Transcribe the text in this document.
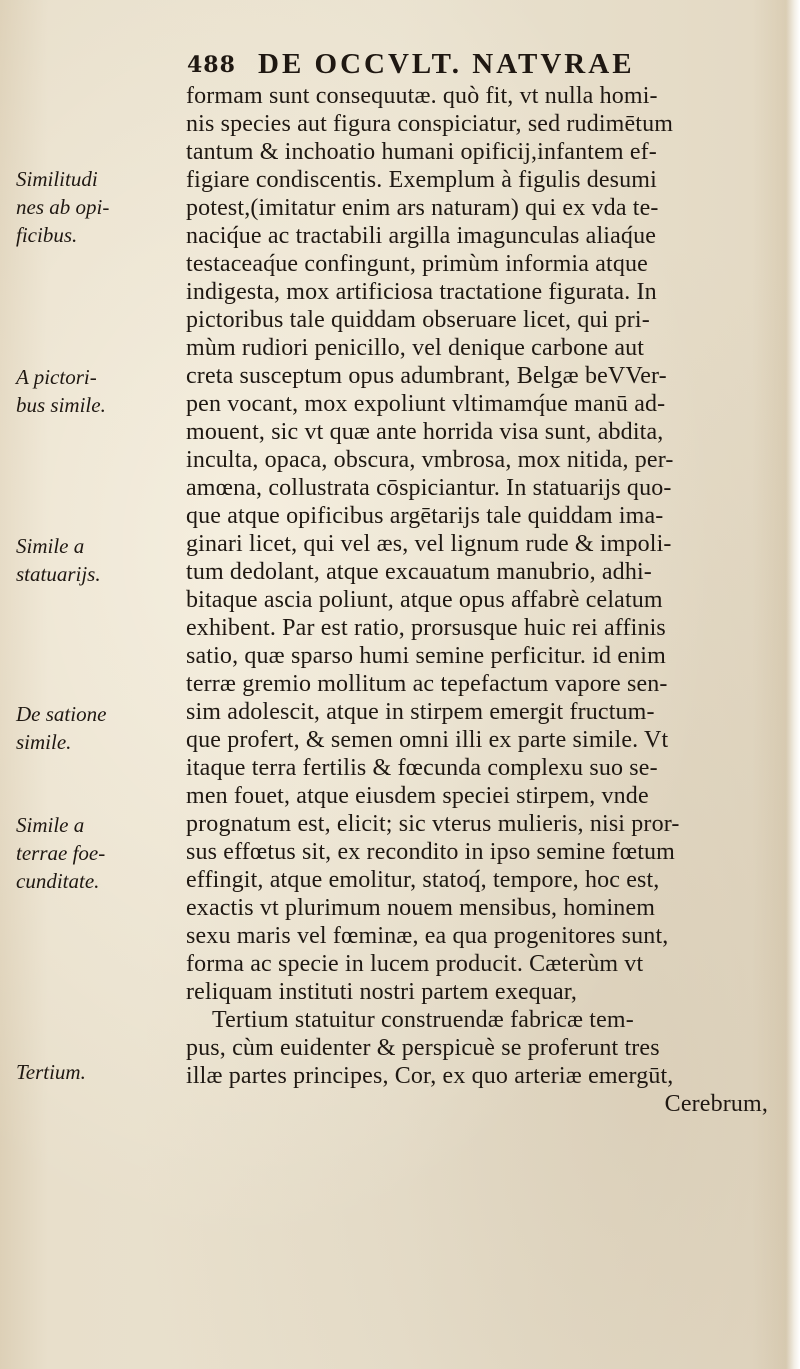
488 DE OCCVLT. NATVRAE
Similitudi
nes ab opi-
ficibus.
A pictori-
bus simile.
Simile a
statuarijs.
De satione
simile.
Simile a
terrae foe-
cunditate.
Tertium.
formam sunt consequutæ. quò fit, vt nulla homi-
nis species aut figura conspiciatur, sed rudimētum
tantum & inchoatio humani opificij,infantem ef-
figiare condiscentis. Exemplum à figulis desumi
potest,(imitatur enim ars naturam) qui ex vda te-
naciq́ue ac tractabili argilla imagunculas aliaq́ue
testaceaq́ue confingunt, primùm informia atque
indigesta, mox artificiosa tractatione figurata. In
pictoribus tale quiddam obseruare licet, qui pri-
mùm rudiori penicillo, vel denique carbone aut
creta susceptum opus adumbrant, Belgæ beVVer-
pen vocant, mox expoliunt vltimamq́ue manū ad-
mouent, sic vt quæ ante horrida visa sunt, abdita,
inculta, opaca, obscura, vmbrosa, mox nitida, per-
amœna, collustrata cōspiciantur. In statuarijs quo-
que atque opificibus argētarijs tale quiddam ima-
ginari licet, qui vel æs, vel lignum rude & impoli-
tum dedolant, atque excauatum manubrio, adhi-
bitaque ascia poliunt, atque opus affabrè celatum
exhibent. Par est ratio, prorsusque huic rei affinis
satio, quæ sparso humi semine perficitur. id enim
terræ gremio mollitum ac tepefactum vapore sen-
sim adolescit, atque in stirpem emergit fructum-
que profert, & semen omni illi ex parte simile. Vt
itaque terra fertilis & fœcunda complexu suo se-
men fouet, atque eiusdem speciei stirpem, vnde
prognatum est, elicit; sic vterus mulieris, nisi pror-
sus effœtus sit, ex recondito in ipso semine fœtum
effingit, atque emolitur, statoq́, tempore, hoc est,
exactis vt plurimum nouem mensibus, hominem
sexu maris vel fœminæ, ea qua progenitores sunt,
forma ac specie in lucem producit. Cæterùm vt
reliquam instituti nostri partem exequar,
Tertium statuitur construendæ fabricæ tem-
pus, cùm euidenter & perspicuè se proferunt tres
illæ partes principes, Cor, ex quo arteriæ emergūt,
Cerebrum,
